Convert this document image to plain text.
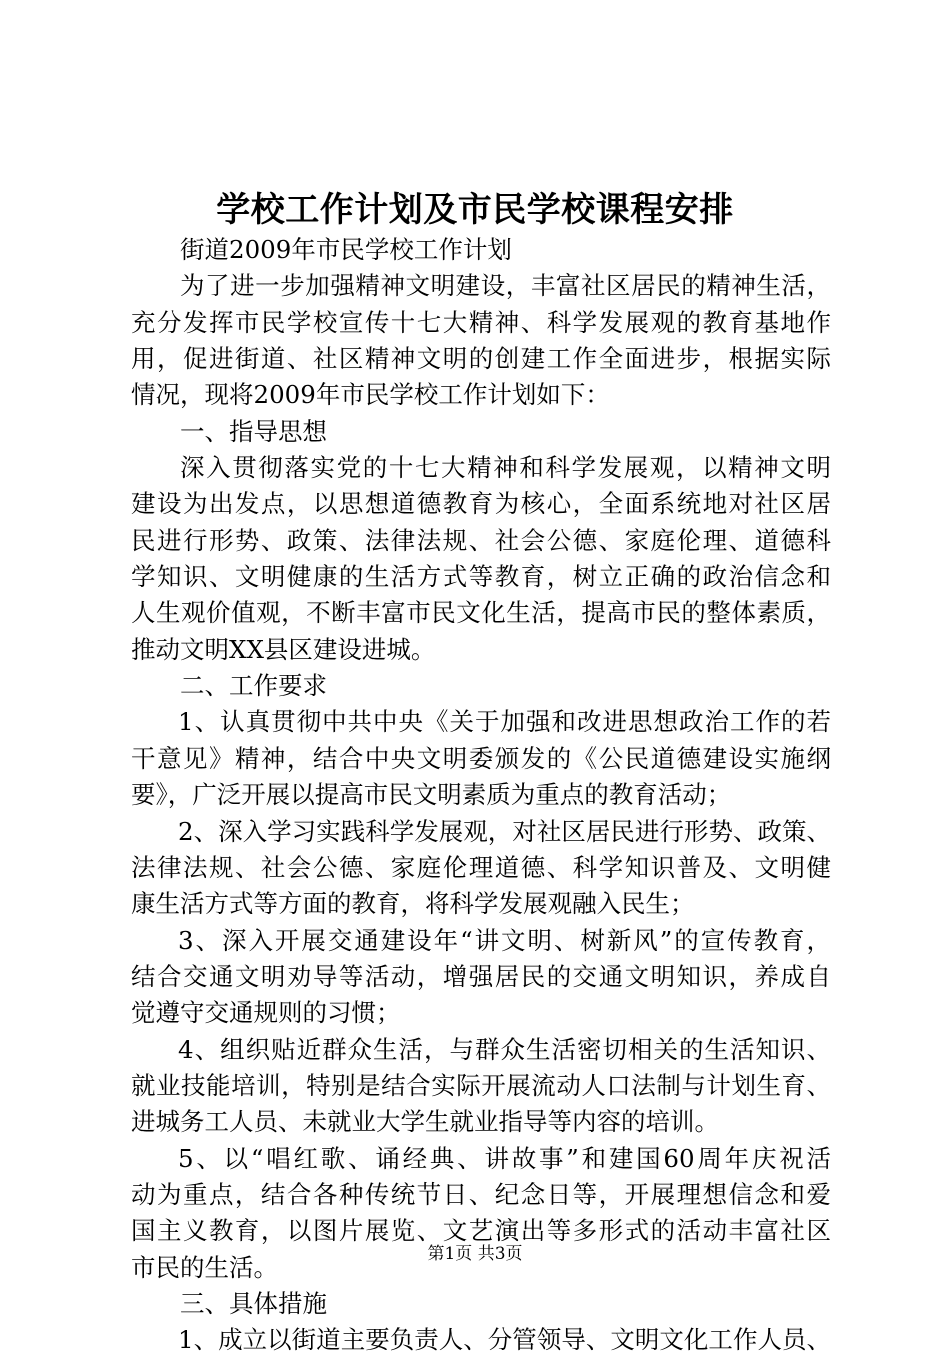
学校工作计划及市民学校课程安排
街道2009年市民学校工作计划
为了进一步加强精神文明建设，丰富社区居民的精神生活，
充分发挥市民学校宣传十七大精神、科学发展观的教育基地作
用，促进街道、社区精神文明的创建工作全面进步，根据实际
情况，现将2009年市民学校工作计划如下：
一、指导思想
深入贯彻落实党的十七大精神和科学发展观，以精神文明
建设为出发点，以思想道德教育为核心，全面系统地对社区居
民进行形势、政策、法律法规、社会公德、家庭伦理、道德科
学知识、文明健康的生活方式等教育，树立正确的政治信念和
人生观价值观，不断丰富市民文化生活，提高市民的整体素质，
推动文明XX县区建设进城。
二、工作要求
1、认真贯彻中共中央《关于加强和改进思想政治工作的若
干意见》精神，结合中央文明委颁发的《公民道德建设实施纲
要》，广泛开展以提高市民文明素质为重点的教育活动；
2、深入学习实践科学发展观，对社区居民进行形势、政策、
法律法规、社会公德、家庭伦理道德、科学知识普及、文明健
康生活方式等方面的教育，将科学发展观融入民生；
3、深入开展交通建设年“讲文明、树新风”的宣传教育，
结合交通文明劝导等活动，增强居民的交通文明知识，养成自
觉遵守交通规则的习惯；
4、组织贴近群众生活，与群众生活密切相关的生活知识、
就业技能培训，特别是结合实际开展流动人口法制与计划生育、
进城务工人员、未就业大学生就业指导等内容的培训。
5、以“唱红歌、诵经典、讲故事”和建国60周年庆祝活
动为重点，结合各种传统节日、纪念日等，开展理想信念和爱
国主义教育，以图片展览、文艺演出等多形式的活动丰富社区
市民的生活。
三、具体措施
1、成立以街道主要负责人、分管领导、文明文化工作人员、
第1页 共3页
